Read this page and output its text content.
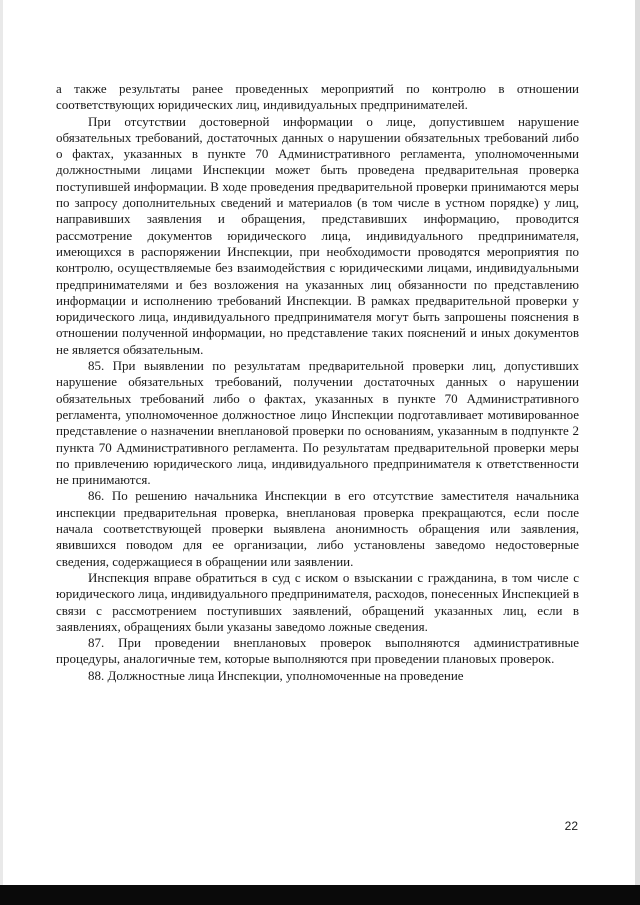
а также результаты ранее проведенных мероприятий по контролю в отношении соответствующих юридических лиц, индивидуальных предпринимателей.

При отсутствии достоверной информации о лице, допустившем нарушение обязательных требований, достаточных данных о нарушении обязательных требований либо о фактах, указанных в пункте 70 Административного регламента, уполномоченными должностными лицами Инспекции может быть проведена предварительная проверка поступившей информации. В ходе проведения предварительной проверки принимаются меры по запросу дополнительных сведений и материалов (в том числе в устном порядке) у лиц, направивших заявления и обращения, представивших информацию, проводится рассмотрение документов юридического лица, индивидуального предпринимателя, имеющихся в распоряжении Инспекции, при необходимости проводятся мероприятия по контролю, осуществляемые без взаимодействия с юридическими лицами, индивидуальными предпринимателями и без возложения на указанных лиц обязанности по представлению информации и исполнению требований Инспекции. В рамках предварительной проверки у юридического лица, индивидуального предпринимателя могут быть запрошены пояснения в отношении полученной информации, но представление таких пояснений и иных документов не является обязательным.

85. При выявлении по результатам предварительной проверки лиц, допустивших нарушение обязательных требований, получении достаточных данных о нарушении обязательных требований либо о фактах, указанных в пункте 70 Административного регламента, уполномоченное должностное лицо Инспекции подготавливает мотивированное представление о назначении внеплановой проверки по основаниям, указанным в подпункте 2 пункта 70 Административного регламента. По результатам предварительной проверки меры по привлечению юридического лица, индивидуального предпринимателя к ответственности не принимаются.

86. По решению начальника Инспекции в его отсутствие заместителя начальника инспекции предварительная проверка, внеплановая проверка прекращаются, если после начала соответствующей проверки выявлена анонимность обращения или заявления, явившихся поводом для ее организации, либо установлены заведомо недостоверные сведения, содержащиеся в обращении или заявлении.

Инспекция вправе обратиться в суд с иском о взыскании с гражданина, в том числе с юридического лица, индивидуального предпринимателя, расходов, понесенных Инспекцией в связи с рассмотрением поступивших заявлений, обращений указанных лиц, если в заявлениях, обращениях были указаны заведомо ложные сведения.

87. При проведении внеплановых проверок выполняются административные процедуры, аналогичные тем, которые выполняются при проведении плановых проверок.

88. Должностные лица Инспекции, уполномоченные на проведение

22
